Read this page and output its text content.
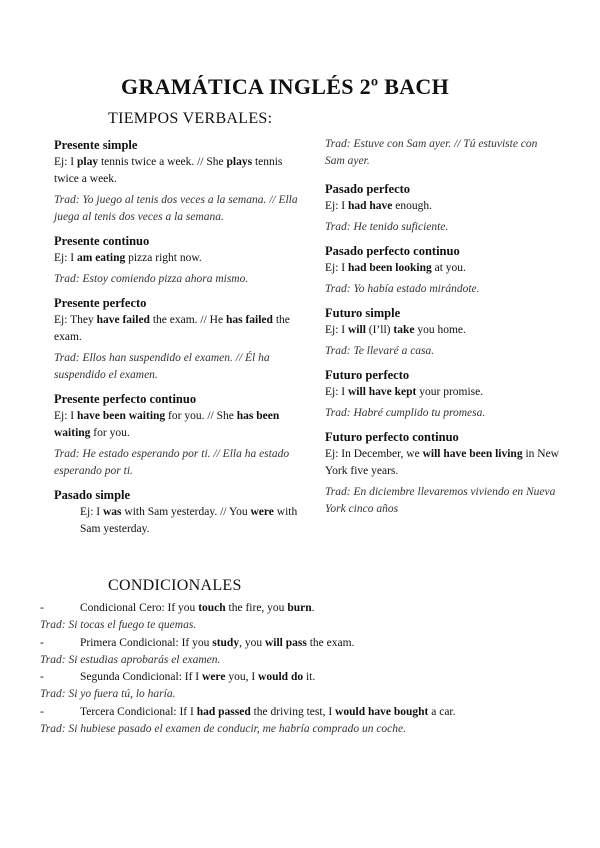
GRAMÁTICA INGLÉS 2º BACH
TIEMPOS VERBALES:

Presente simple

Ej: I play tennis twice a week. // She plays tennis twice a week.

Trad: Yo juego al tenis dos veces a la semana. // Ella juega al tenis dos veces a la semana.

Presente continuo

Ej: I am eating pizza right now.

Trad: Estoy comiendo pizza ahora mismo.

Presente perfecto

Ej: They have failed the exam. // He has failed the exam.

Trad: Ellos han suspendido el examen. // Él ha suspendido el examen.

Presente perfecto continuo

Ej: I have been waiting for you. // She has been waiting for you.

Trad: He estado esperando por ti. // Ella ha estado esperando por ti.

Pasado simple

Ej: I was with Sam yesterday. // You were with Sam yesterday.

Trad: Estuve con Sam ayer. // Tú estuviste con Sam ayer.

Pasado perfecto

Ej: I had have enough.

Trad: He tenido suficiente.

Pasado perfecto continuo

Ej: I had been looking at you.

Trad: Yo había estado mirándote.

Futuro simple

Ej: I will (I’ll) take you home.

Trad: Te llevaré a casa.

Futuro perfecto

Ej: I will have kept your promise.

Trad: Habré cumplido tu promesa.

Futuro perfecto continuo

Ej: In December, we will have been living in New York five years.

Trad: En diciembre llevaremos viviendo en Nueva York cinco años

CONDICIONALES

-	Condicional Cero: If you touch the fire, you burn.

Trad: Si tocas el fuego te quemas.

-	Primera Condicional: If you study, you will pass the exam.

Trad: Si estudias aprobarás el examen.

-	Segunda Condicional: If I were you, I would do it.

Trad: Si yo fuera tú, lo haría.

-	Tercera Condicional: If I had passed the driving test, I would have bought a car.

Trad: Si hubiese pasado el examen de conducir, me habría comprado un coche.
